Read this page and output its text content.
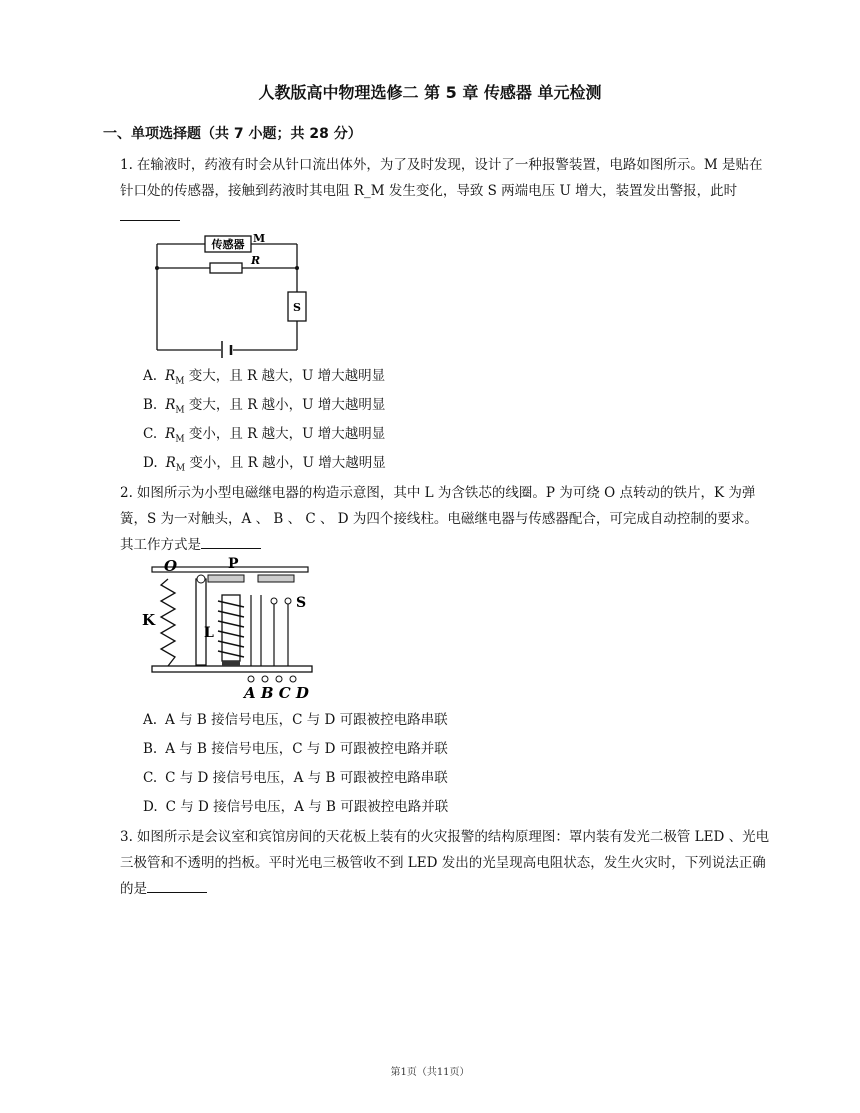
人教版高中物理选修二 第 5 章 传感器 单元检测
一、单项选择题（共 7 小题；共 28 分）
1. 在输液时，药液有时会从针口流出体外，为了及时发现，设计了一种报警装置，电路如图所示。M 是贴在针口处的传感器，接触到药液时其电阻 R_M 发生变化，导致 S 两端电压 U 增大，装置发出警报，此时
传感器 M
R
S
A. $R_M$ 变大，且 R 越大，U 增大越明显
B. $R_M$ 变大，且 R 越小，U 增大越明显
C. $R_M$ 变小，且 R 越大，U 增大越明显
D. $R_M$ 变小，且 R 越小，U 增大越明显
2. 如图所示为小型电磁继电器的构造示意图，其中 L 为含铁芯的线圈。P 为可绕 O 点转动的铁片，K 为弹簧，S 为一对触头，A 、 B 、 C 、 D 为四个接线柱。电磁继电器与传感器配合，可完成自动控制的要求。其工作方式是
O	P
K
L
S
A B C D
A. A 与 B 接信号电压，C 与 D 可跟被控电路串联
B. A 与 B 接信号电压，C 与 D 可跟被控电路并联
C. C 与 D 接信号电压，A 与 B 可跟被控电路串联
D. C 与 D 接信号电压，A 与 B 可跟被控电路并联
3. 如图所示是会议室和宾馆房间的天花板上装有的火灾报警的结构原理图：罩内装有发光二极管 LED 、光电三极管和不透明的挡板。平时光电三极管收不到 LED 发出的光呈现高电阻状态，发生火灾时，下列说法正确的是
第1页（共11页）
